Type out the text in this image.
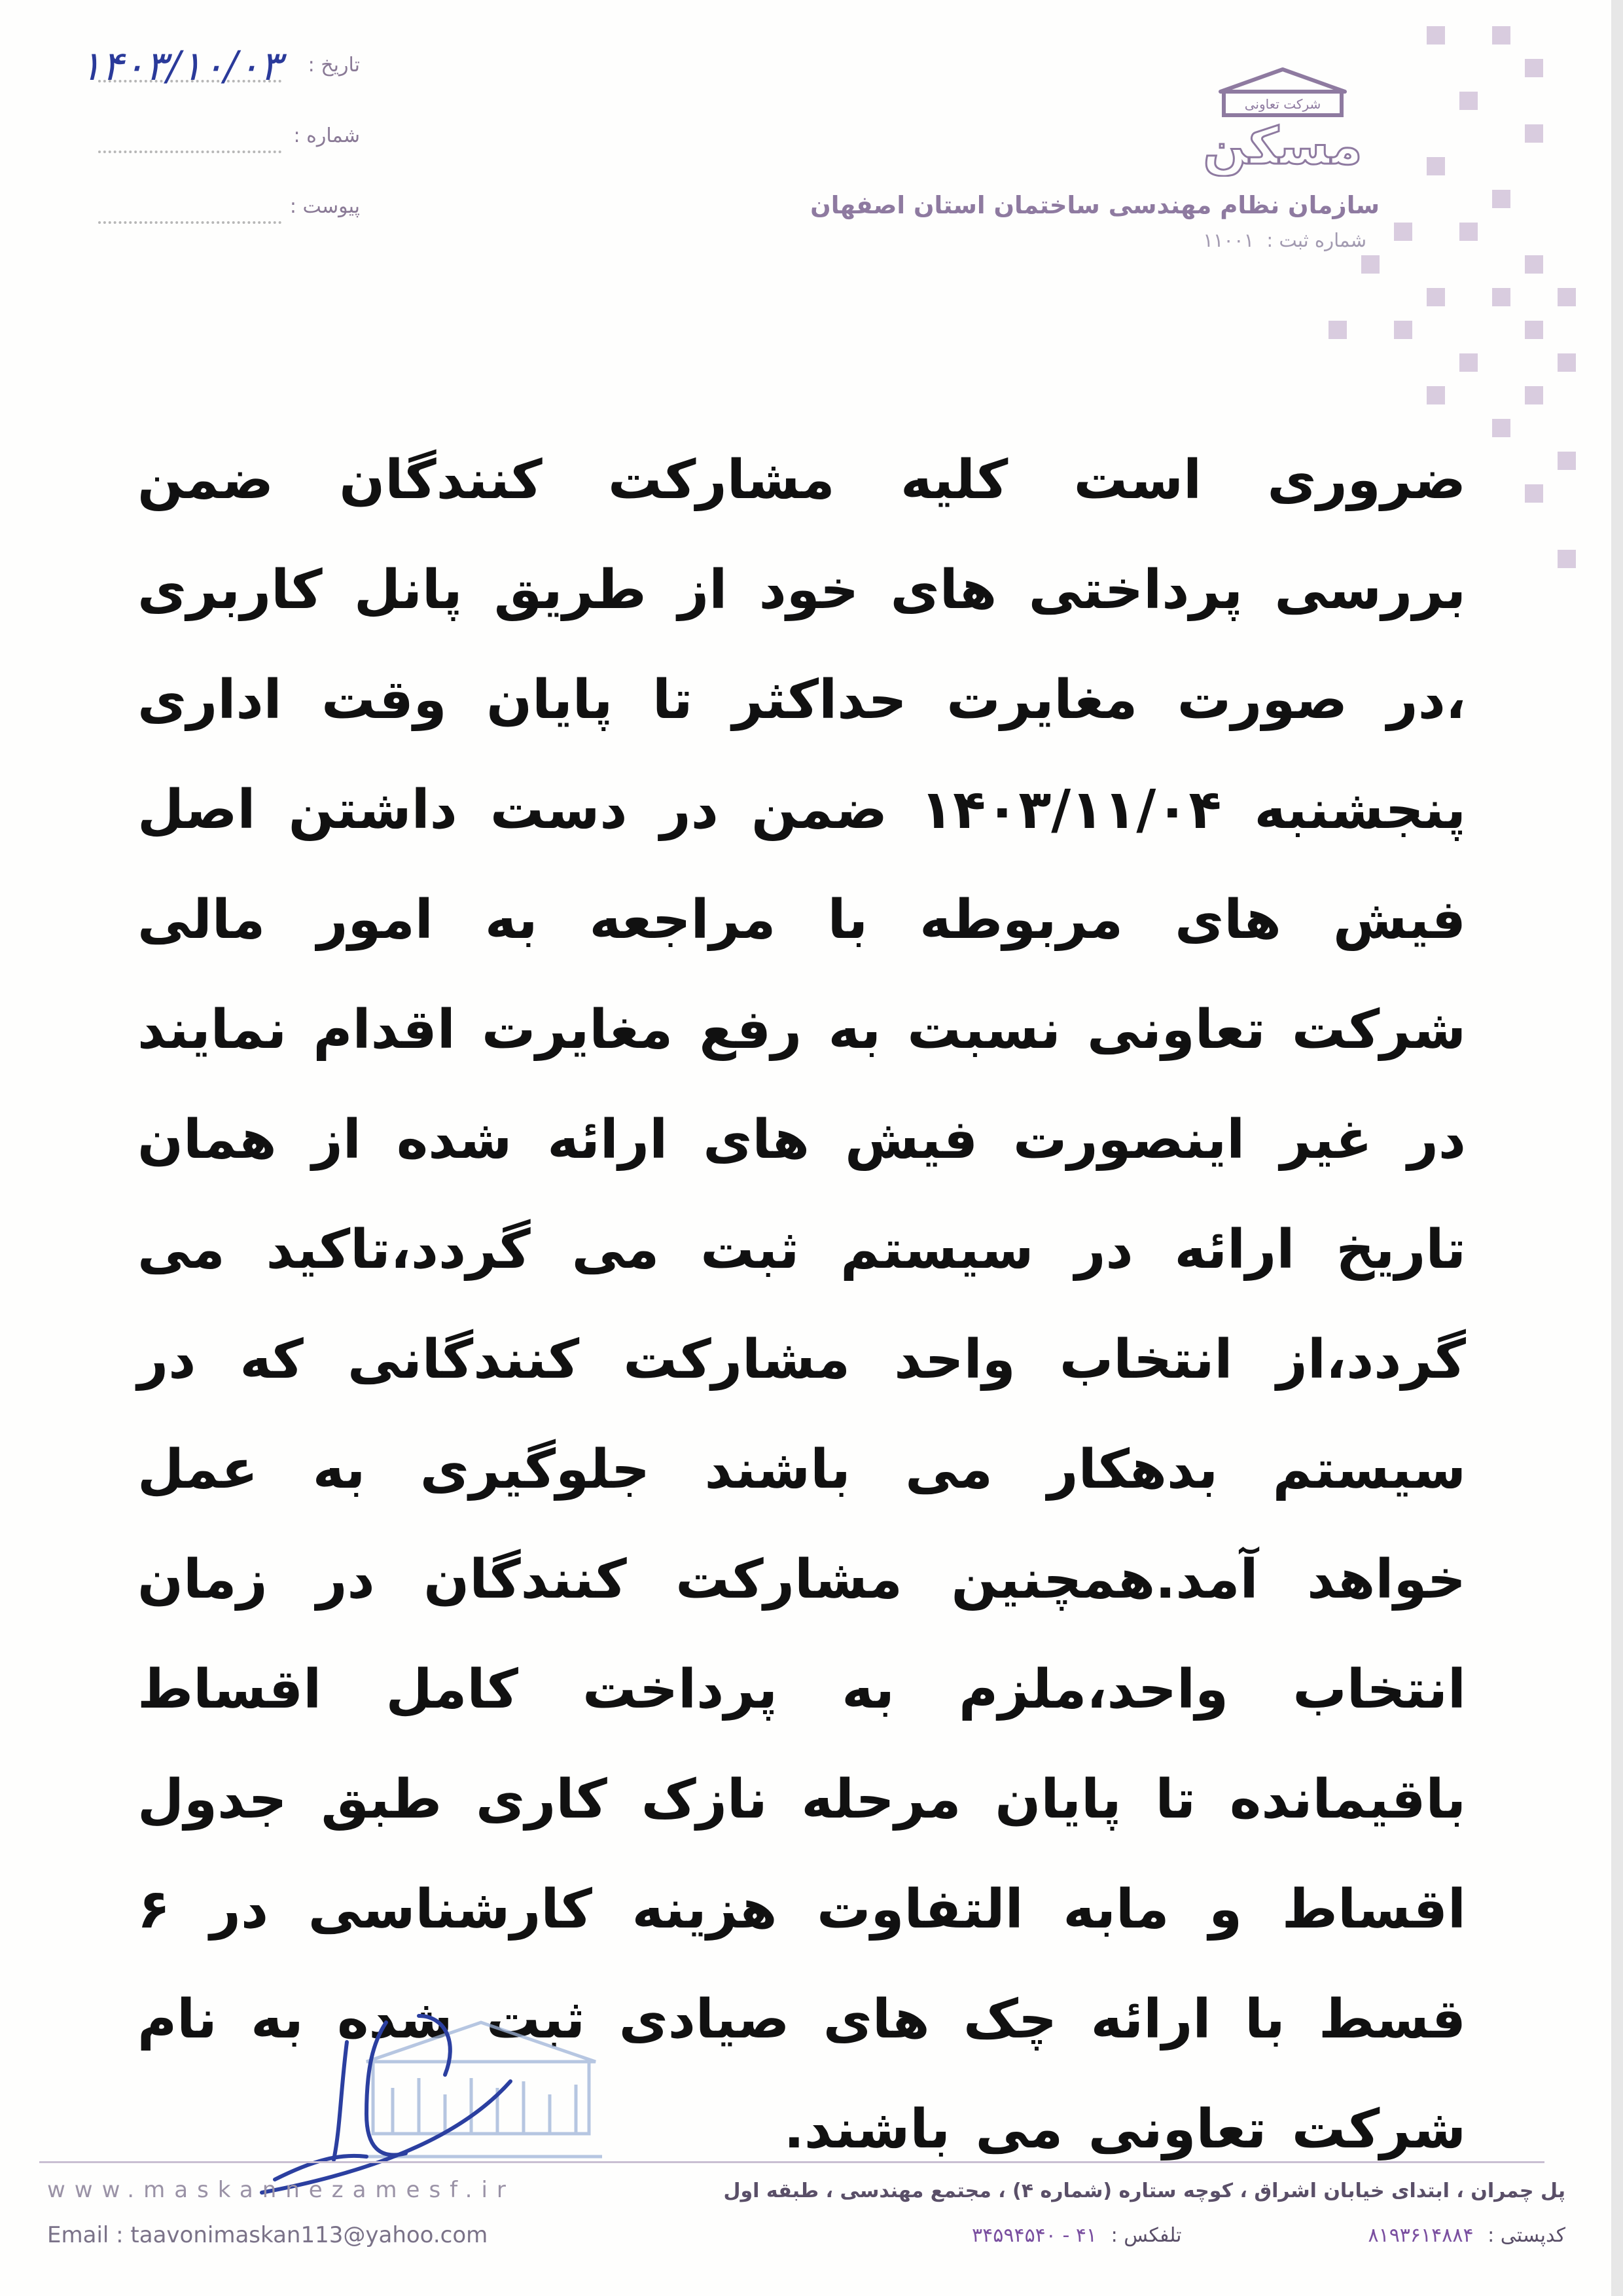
تاریخ :
۱۴۰۳/۱۰/۰۳
شماره :
پیوست :
شرکت تعاونی
مسکن
سازمان نظام مهندسی ساختمان استان اصفهان
شماره ثبت : ۱۱۰۰۱
ضروری است کلیه مشارکت کنندگان ضمن بررسی پرداختی های خود از طریق پانل کاربری ،در صورت مغایرت حداکثر تا پایان وقت اداری پنجشنبه ۱۴۰۳/۱۱/۰۴ ضمن در دست داشتن اصل فیش های مربوطه با مراجعه به امور مالی شرکت تعاونی نسبت به رفع مغایرت اقدام نمایند در غیر اینصورت فیش های ارائه شده از همان تاریخ ارائه در سیستم ثبت می گردد،تاکید می گردد،از انتخاب واحد مشارکت کنندگانی که در سیستم بدهکار می باشند جلوگیری به عمل خواهد آمد.همچنین مشارکت کنندگان در زمان انتخاب واحد،ملزم به پرداخت کامل اقساط باقیمانده تا پایان مرحله نازک کاری طبق جدول اقساط و مابه التفاوت هزینه کارشناسی در ۶ قسط با ارائه چک های صیادی ثبت شده به نام شرکت تعاونی می باشند.
www.maskannezamesf.ir
Email : taavonimaskan113@yahoo.com
پل چمران ، ابتدای خیابان اشراق ، کوچه ستاره (شماره ۴) ، مجتمع مهندسی ، طبقه اول
کدپستی : ۸۱۹۳۶۱۴۸۸۴
تلفکس : ۴۱ - ۳۴۵۹۴۵۴۰
